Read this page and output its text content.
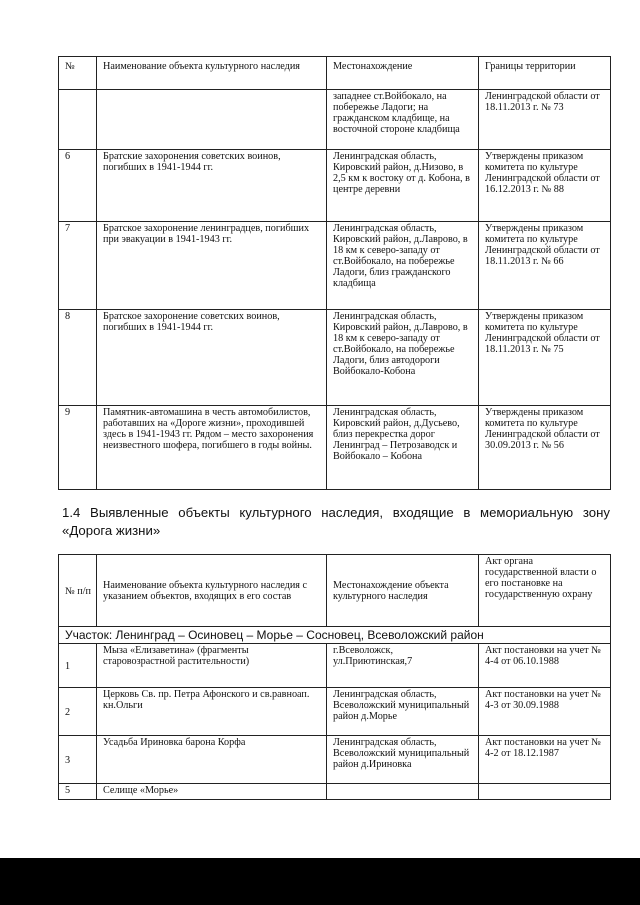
№	Наименование объекта культурного наследия	Местонахождение	Границы территории
		западнее ст.Войбокало, на побережье Ладоги; на гражданском кладбище, на восточной стороне кладбища	Ленинградской области от 18.11.2013 г. № 73
6	Братские захоронения советских воинов, погибших в 1941-1944 гг.	Ленинградская область, Кировский район, д.Низово, в 2,5 км к востоку от д. Кобона, в центре деревни	Утверждены приказом комитета по культуре Ленинградской области от 16.12.2013 г. № 88
7	Братское захоронение ленинградцев, погибших при эвакуации в 1941-1943 гг.	Ленинградская область, Кировский район, д.Лаврово, в 18 км к северо-западу от ст.Войбокало, на побережье Ладоги, близ гражданского кладбища	Утверждены приказом комитета по культуре Ленинградской области от 18.11.2013 г. № 66
8	Братское захоронение советских воинов, погибших в 1941-1944 гг.	Ленинградская область, Кировский район, д.Лаврово, в 18 км к северо-западу от ст.Войбокало, на побережье Ладоги, близ автодороги Войбокало-Кобона	Утверждены приказом комитета по культуре Ленинградской области от 18.11.2013 г. № 75
9	Памятник-автомашина в честь автомобилистов, работавших на «Дороге жизни», проходившей здесь в 1941-1943 гг. Рядом – место захоронения неизвестного шофера, погибшего в годы войны.	Ленинградская область, Кировский район, д.Дусьево, близ перекрестка дорог Ленинград – Петрозаводск и Войбокало – Кобона	Утверждены приказом комитета по культуре Ленинградской области от 30.09.2013 г. № 56
1.4 Выявленные объекты культурного наследия, входящие в мемориальную зону «Дорога жизни»
№ п/п	Наименование объекта культурного наследия с указанием объектов, входящих в его состав	Местонахождение объекта культурного наследия	Акт органа государственной власти о его постановке на государственную охрану
Участок: Ленинград – Осиновец – Морье – Сосновец, Всеволожский район			
1	Мыза «Елизаветина» (фрагменты старовозрастной растительности)	г.Всеволожск, ул.Приютинская,7	Акт постановки на учет № 4-4 от 06.10.1988
2	Церковь Св. пр. Петра Афонского и св.равноап. кн.Ольги	Ленинградская область, Всеволожский муниципальный район д.Морье	Акт постановки на учет № 4-3 от 30.09.1988
3	Усадьба Ириновка барона Корфа	Ленинградская область, Всеволожский муниципальный район д.Ириновка	Акт постановки на учет № 4-2 от 18.12.1987
5	Селище «Морье»		
